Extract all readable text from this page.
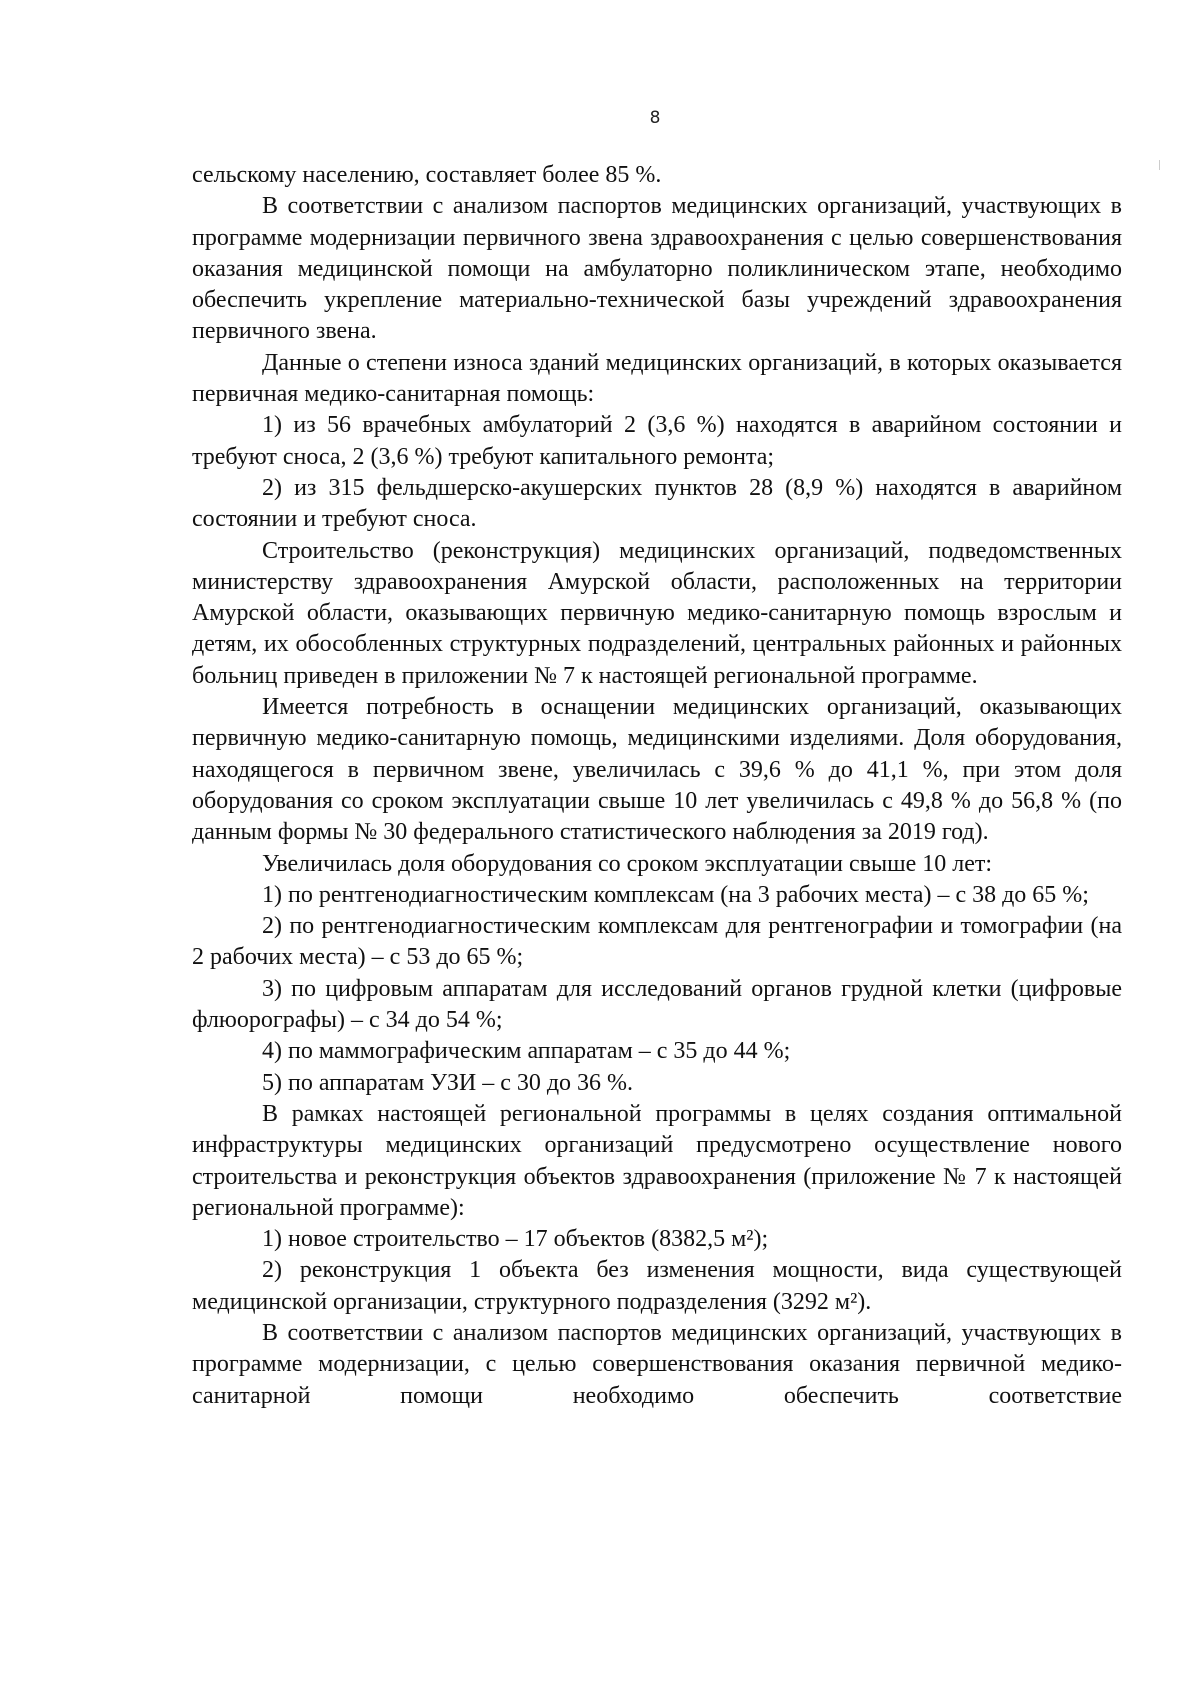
8

сельскому населению, составляет более 85 %.

В соответствии с анализом паспортов медицинских организаций, участвующих в программе модернизации первичного звена здравоохранения с целью совершенствования оказания медицинской помощи на амбулаторно поликлиническом этапе, необходимо обеспечить укрепление материально-технической базы учреждений здравоохранения первичного звена.

Данные о степени износа зданий медицинских организаций, в которых оказывается первичная медико-санитарная помощь:

1) из 56 врачебных амбулаторий 2 (3,6 %) находятся в аварийном состоянии и требуют сноса, 2 (3,6 %) требуют капитального ремонта;

2) из 315 фельдшерско-акушерских пунктов 28 (8,9 %) находятся в аварийном состоянии и требуют сноса.

Строительство (реконструкция) медицинских организаций, подведомственных министерству здравоохранения Амурской области, расположенных на территории Амурской области, оказывающих первичную медико-санитарную помощь взрослым и детям, их обособленных структурных подразделений, центральных районных и районных больниц приведен в приложении № 7 к настоящей региональной программе.

Имеется потребность в оснащении медицинских организаций, оказывающих первичную медико-санитарную помощь, медицинскими изделиями. Доля оборудования, находящегося в первичном звене, увеличилась с 39,6 % до 41,1 %, при этом доля оборудования со сроком эксплуатации свыше 10 лет увеличилась с 49,8 % до 56,8 % (по данным формы № 30 федерального статистического наблюдения за 2019 год).

Увеличилась доля оборудования со сроком эксплуатации свыше 10 лет:

1) по рентгенодиагностическим комплексам (на 3 рабочих места) – с 38 до 65 %;

2) по рентгенодиагностическим комплексам для рентгенографии и томографии (на 2 рабочих места) – с 53 до 65 %;

3) по цифровым аппаратам для исследований органов грудной клетки (цифровые флюорографы) – с 34 до 54 %;

4) по маммографическим аппаратам – с 35 до 44 %;

5) по аппаратам УЗИ – с 30 до 36 %.

В рамках настоящей региональной программы в целях создания оптимальной инфраструктуры медицинских организаций предусмотрено осуществление нового строительства и реконструкция объектов здравоохранения (приложение № 7 к настоящей региональной программе):

1) новое строительство – 17 объектов (8382,5 м²);

2) реконструкция 1 объекта без изменения мощности, вида существующей медицинской организации, структурного подразделения (3292 м²).

В соответствии с анализом паспортов медицинских организаций, участвующих в программе модернизации, с целью совершенствования оказания первичной медико-санитарной помощи необходимо обеспечить соответствие
